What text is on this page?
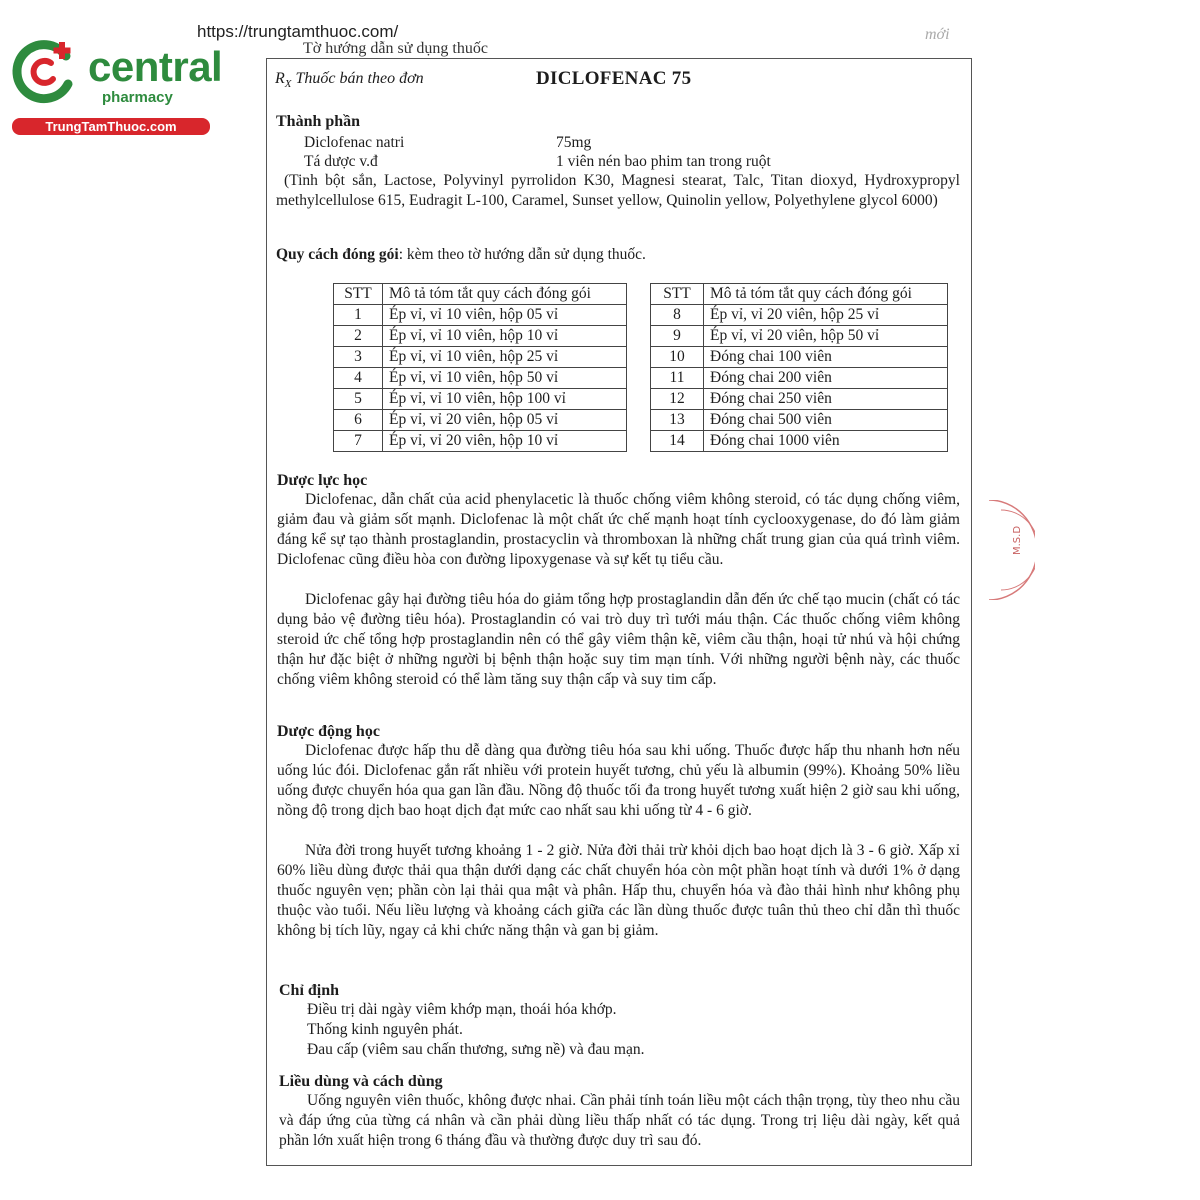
central
pharmacy
TrungTamThuoc.com
https://trungtamthuoc.com/
Tờ hướng dẫn sử dụng thuốc
mới
M.S.D
$R_X$ Thuốc bán theo đơn	DICLOFENAC 75
Thành phần
Diclofenac natri	75mg
Tá dược v.đ	1 viên nén bao phim tan trong ruột
(Tinh bột sắn, Lactose, Polyvinyl pyrrolidon K30, Magnesi stearat, Talc, Titan dioxyd, Hydroxypropyl methylcellulose 615, Eudragit L-100, Caramel, Sunset yellow, Quinolin yellow, Polyethylene glycol 6000)
Quy cách đóng gói: kèm theo tờ hướng dẫn sử dụng thuốc.
STT	Mô tả tóm tắt quy cách đóng gói
1	Ép vỉ, vỉ 10 viên, hộp 05 vỉ
2	Ép vỉ, vỉ 10 viên, hộp 10 vỉ
3	Ép vỉ, vỉ 10 viên, hộp 25 vỉ
4	Ép vỉ, vỉ 10 viên, hộp 50 vỉ
5	Ép vỉ, vỉ 10 viên, hộp 100 vỉ
6	Ép vỉ, vỉ 20 viên, hộp 05 vỉ
7	Ép vỉ, vỉ 20 viên, hộp 10 vỉ
STT	Mô tả tóm tắt quy cách đóng gói
8	Ép vỉ, vỉ 20 viên, hộp 25 vỉ
9	Ép vỉ, vỉ 20 viên, hộp 50 vỉ
10	Đóng chai 100 viên
11	Đóng chai 200 viên
12	Đóng chai 250 viên
13	Đóng chai 500 viên
14	Đóng chai 1000 viên
Dược lực học
Diclofenac, dẫn chất của acid phenylacetic là thuốc chống viêm không steroid, có tác dụng chống viêm, giảm đau và giảm sốt mạnh. Diclofenac là một chất ức chế mạnh hoạt tính cyclooxygenase, do đó làm giảm đáng kể sự tạo thành prostaglandin, prostacyclin và thromboxan là những chất trung gian của quá trình viêm. Diclofenac cũng điều hòa con đường lipoxygenase và sự kết tụ tiểu cầu.
Diclofenac gây hại đường tiêu hóa do giảm tổng hợp prostaglandin dẫn đến ức chế tạo mucin (chất có tác dụng bảo vệ đường tiêu hóa). Prostaglandin có vai trò duy trì tưới máu thận. Các thuốc chống viêm không steroid ức chế tổng hợp prostaglandin nên có thể gây viêm thận kẽ, viêm cầu thận, hoại tử nhú và hội chứng thận hư đặc biệt ở những người bị bệnh thận hoặc suy tim mạn tính. Với những người bệnh này, các thuốc chống viêm không steroid có thể làm tăng suy thận cấp và suy tim cấp.
Dược động học
Diclofenac được hấp thu dễ dàng qua đường tiêu hóa sau khi uống. Thuốc được hấp thu nhanh hơn nếu uống lúc đói. Diclofenac gắn rất nhiều với protein huyết tương, chủ yếu là albumin (99%). Khoảng 50% liều uống được chuyển hóa qua gan lần đầu. Nồng độ thuốc tối đa trong huyết tương xuất hiện 2 giờ sau khi uống, nồng độ trong dịch bao hoạt dịch đạt mức cao nhất sau khi uống từ 4 - 6 giờ.
Nửa đời trong huyết tương khoảng 1 - 2 giờ. Nửa đời thải trừ khỏi dịch bao hoạt dịch là 3 - 6 giờ. Xấp xỉ 60% liều dùng được thải qua thận dưới dạng các chất chuyển hóa còn một phần hoạt tính và dưới 1% ở dạng thuốc nguyên vẹn; phần còn lại thải qua mật và phân. Hấp thu, chuyển hóa và đào thải hình như không phụ thuộc vào tuổi. Nếu liều lượng và khoảng cách giữa các lần dùng thuốc được tuân thủ theo chỉ dẫn thì thuốc không bị tích lũy, ngay cả khi chức năng thận và gan bị giảm.
Chỉ định
Điều trị dài ngày viêm khớp mạn, thoái hóa khớp.
Thống kinh nguyên phát.
Đau cấp (viêm sau chấn thương, sưng nề) và đau mạn.
Liều dùng và cách dùng
Uống nguyên viên thuốc, không được nhai. Cần phải tính toán liều một cách thận trọng, tùy theo nhu cầu và đáp ứng của từng cá nhân và cần phải dùng liều thấp nhất có tác dụng. Trong trị liệu dài ngày, kết quả phần lớn xuất hiện trong 6 tháng đầu và thường được duy trì sau đó.
